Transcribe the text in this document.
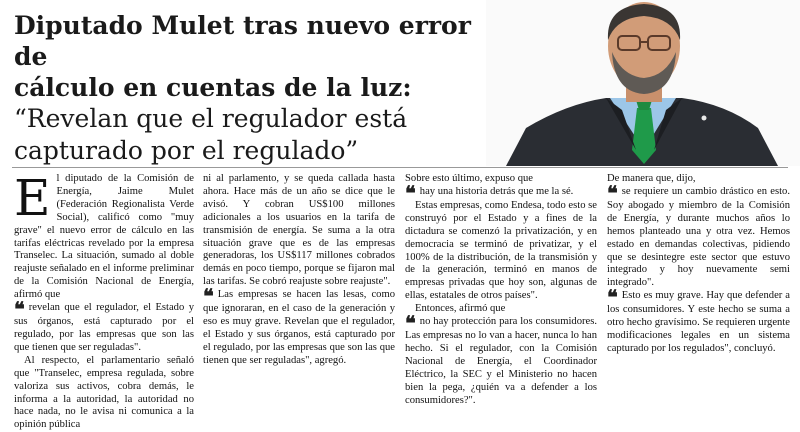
Diputado Mulet tras nuevo error de
cálculo en cuentas de la luz:
“Revelan que el regulador está
capturado por el regulado”
E l diputado de la Comisión de Energía, Jaime Mulet (Federación Regionalista Verde Social), calificó como "muy grave" el nuevo error de cálculo en las tarifas eléctricas revelado por la empresa Transelec. La situación, sumado al doble reajuste señalado en el informe preliminar de la Comisión Nacional de Energía, afirmó que

❝ revelan que el regulador, el Estado y sus órganos, está capturado por el regulado, por las empresas que son las que tienen que ser reguladas".

Al respecto, el parlamentario señaló que "Transelec, empresa regulada, sobre valoriza sus activos, cobra demás, le informa a la autoridad, la autoridad no hace nada, no le avisa ni comunica a la opinión pública

ni al parlamento, y se queda callada hasta ahora. Hace más de un año se dice que le avisó. Y cobran US$100 millones adicionales a los usuarios en la tarifa de transmisión de energía. Se suma a la otra situación grave que es de las empresas generadoras, los US$117 millones cobrados demás en poco tiempo, porque se fijaron mal las tarifas. Se cobró reajuste sobre reajuste".

❝ Las empresas se hacen las lesas, como que ignoraran, en el caso de la generación y eso es muy grave. Revelan que el regulador, el Estado y sus órganos, está capturado por el regulado, por las empresas que son las que tienen que ser reguladas", agregó.

Sobre esto último, expuso que

❝ hay una historia detrás que me la sé.

Estas empresas, como Endesa, todo esto se construyó por el Estado y a fines de la dictadura se comenzó la privatización, y en democracia se terminó de privatizar, y el 100% de la distribución, de la transmisión y de la generación, terminó en manos de empresas privadas que hoy son, algunas de ellas, estatales de otros países".

Entonces, afirmó que

❝ no hay protección para los consumidores. Las empresas no lo van a hacer, nunca lo han hecho. Si el regulador, con la Comisión Nacional de Energía, el Coordinador Eléctrico, la SEC y el Ministerio no hacen bien la pega, ¿quién va a defender a los consumidores?".

De manera que, dijo,

❝ se requiere un cambio drástico en esto. Soy abogado y miembro de la Comisión de Energía, y durante muchos años lo hemos planteado una y otra vez. Hemos estado en demandas colectivas, pidiendo que se desintegre este sector que estuvo integrado y hoy nuevamente semi integrado".

❝ Esto es muy grave. Hay que defender a los consumidores. Y este hecho se suma a otro hecho gravísimo. Se requieren urgente modificaciones legales en un sistema capturado por los regulados", concluyó.
